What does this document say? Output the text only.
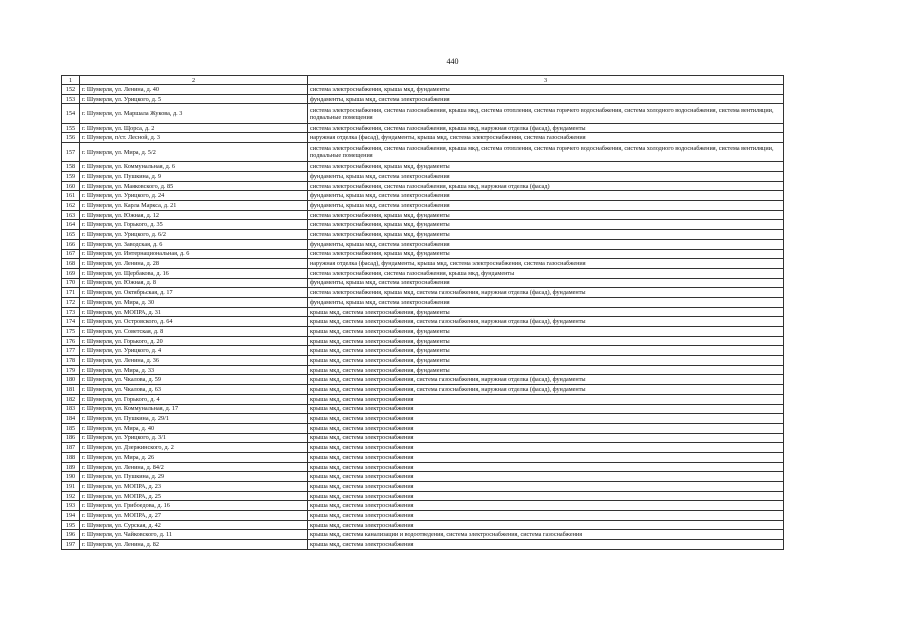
440
1	2	3
152	г. Шумерля, ул. Ленина, д. 40	система электроснабжения, крыша мкд, фундаменты
153	г. Шумерля, ул. Урицкого, д. 5	фундаменты, крыша мкд, система электроснабжения
154	г. Шумерля, ул. Маршала Жукова, д. 3	система электроснабжения, система газоснабжения, крыша мкд, система отопления, система горячего водоснабжения, система холодного водоснабжения, система вентиляции, подвальные помещения
155	г. Шумерля, ул. Щорса, д. 2	система электроснабжения, система газоснабжения, крыша мкд, наружная отделка (фасад), фундаменты
156	г. Шумерля, п/ст. Лесной, д. 3	наружная отделка (фасад), фундаменты, крыша мкд, система электроснабжения, система газоснабжения
157	г. Шумерля, ул. Мира, д. 5/2	система электроснабжения, система газоснабжения, крыша мкд, система отопления, система горячего водоснабжения, система холодного водоснабжения, система вентиляции, подвальные помещения
158	г. Шумерля, ул. Коммунальная, д. 6	система электроснабжения, крыша мкд, фундаменты
159	г. Шумерля, ул. Пушкина, д. 9	фундаменты, крыша мкд, система электроснабжения
160	г. Шумерля, ул. Маяковского, д. 85	система электроснабжения, система газоснабжения, крыша мкд, наружная отделка (фасад)
161	г. Шумерля, ул. Урицкого, д. 24	фундаменты, крыша мкд, система электроснабжения
162	г. Шумерля, ул. Карла Маркса, д. 21	фундаменты, крыша мкд, система электроснабжения
163	г. Шумерля, ул. Южная, д. 12	система электроснабжения, крыша мкд, фундаменты
164	г. Шумерля, ул. Горького, д. 35	система электроснабжения, крыша мкд, фундаменты
165	г. Шумерля, ул. Урицкого, д. 6/2	система электроснабжения, крыша мкд, фундаменты
166	г. Шумерля, ул. Заводская, д. 6	фундаменты, крыша мкд, система электроснабжения
167	г. Шумерля, ул. Интернациональная, д. 6	система электроснабжения, крыша мкд, фундаменты
168	г. Шумерля, ул. Ленина, д. 28	наружная отделка (фасад), фундаменты, крыша мкд, система электроснабжения, система газоснабжения
169	г. Шумерля, ул. Щербакова, д. 16	система электроснабжения, система газоснабжения, крыша мкд, фундаменты
170	г. Шумерля, ул. Южная, д. 8	фундаменты, крыша мкд, система электроснабжения
171	г. Шумерля, ул. Октябрьская, д. 17	система электроснабжения, крыша мкд, система газоснабжения, наружная отделка (фасад), фундаменты
172	г. Шумерля, ул. Мира, д. 30	фундаменты, крыша мкд, система электроснабжения
173	г. Шумерля, ул. МОПРА, д. 31	крыша мкд, система электроснабжения, фундаменты
174	г. Шумерля, ул. Островского, д. 64	крыша мкд, система электроснабжения, система газоснабжения, наружная отделка (фасад), фундаменты
175	г. Шумерля, ул. Советская, д. 8	крыша мкд, система электроснабжения, фундаменты
176	г. Шумерля, ул. Горького, д. 20	крыша мкд, система электроснабжения, фундаменты
177	г. Шумерля, ул. Урицкого, д. 4	крыша мкд, система электроснабжения, фундаменты
178	г. Шумерля, ул. Ленина, д. 36	крыша мкд, система электроснабжения, фундаменты
179	г. Шумерля, ул. Мира, д. 33	крыша мкд, система электроснабжения, фундаменты
180	г. Шумерля, ул. Чкалова, д. 59	крыша мкд, система электроснабжения, система газоснабжения, наружная отделка (фасад), фундаменты
181	г. Шумерля, ул. Чкалова, д. 63	крыша мкд, система электроснабжения, система газоснабжения, наружная отделка (фасад), фундаменты
182	г. Шумерля, ул. Горького, д. 4	крыша мкд, система электроснабжения
183	г. Шумерля, ул. Коммунальная, д. 17	крыша мкд, система электроснабжения
184	г. Шумерля, ул. Пушкина, д. 29/1	крыша мкд, система электроснабжения
185	г. Шумерля, ул. Мира, д. 40	крыша мкд, система электроснабжения
186	г. Шумерля, ул. Урицкого, д. 3/1	крыша мкд, система электроснабжения
187	г. Шумерля, ул. Дзержинского, д. 2	крыша мкд, система электроснабжения
188	г. Шумерля, ул. Мира, д. 26	крыша мкд, система электроснабжения
189	г. Шумерля, ул. Ленина, д. 84/2	крыша мкд, система электроснабжения
190	г. Шумерля, ул. Пушкина, д. 29	крыша мкд, система электроснабжения
191	г. Шумерля, ул. МОПРА, д. 23	крыша мкд, система электроснабжения
192	г. Шумерля, ул. МОПРА, д. 25	крыша мкд, система электроснабжения
193	г. Шумерля, ул. Грибоедова, д. 16	крыша мкд, система электроснабжения
194	г. Шумерля, ул. МОПРА, д. 27	крыша мкд, система электроснабжения
195	г. Шумерля, ул. Сурская, д. 42	крыша мкд, система электроснабжения
196	г. Шумерля, ул. Чайковского, д. 11	крыша мкд, система канализации и водоотведения, система электроснабжения, система газоснабжения
197	г. Шумерля, ул. Ленина, д. 82	крыша мкд, система электроснабжения
